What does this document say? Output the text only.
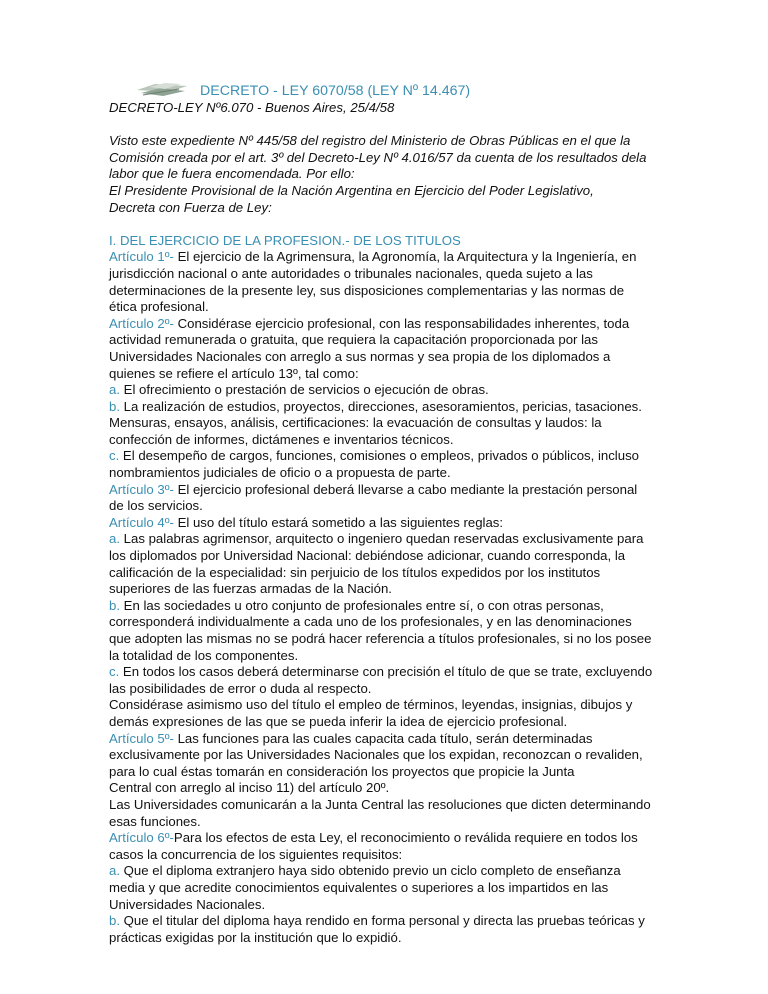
DECRETO - LEY 6070/58 (LEY Nº 14.467)

DECRETO-LEY Nº6.070 - Buenos Aires, 25/4/58

Visto este expediente Nº 445/58 del registro del Ministerio de Obras Públicas en el que la Comisión creada por el art. 3º del Decreto-Ley Nº 4.016/57 da cuenta de los resultados dela labor que le fuera encomendada. Por ello:

El Presidente Provisional de la Nación Argentina en Ejercicio del Poder Legislativo,

Decreta con Fuerza de Ley:

I. DEL EJERCICIO DE LA PROFESION.- DE LOS TITULOS

Artículo 1º- El ejercicio de la Agrimensura, la Agronomía, la Arquitectura y la Ingeniería, en jurisdicción nacional o ante autoridades o tribunales nacionales, queda sujeto a las determinaciones de la presente ley, sus disposiciones complementarias y las normas de ética profesional.

Artículo 2º- Considérase ejercicio profesional, con las responsabilidades inherentes, toda actividad remunerada o gratuita, que requiera la capacitación proporcionada por las Universidades Nacionales con arreglo a sus normas y sea propia de los diplomados a quienes se refiere el artículo 13º, tal como:

a. El ofrecimiento o prestación de servicios o ejecución de obras.

b. La realización de estudios, proyectos, direcciones, asesoramientos, pericias, tasaciones. Mensuras, ensayos, análisis, certificaciones: la evacuación de consultas y laudos: la confección de informes, dictámenes e inventarios técnicos.

c. El desempeño de cargos, funciones, comisiones o empleos, privados o públicos, incluso nombramientos judiciales de oficio o a propuesta de parte.

Artículo 3º- El ejercicio profesional deberá llevarse a cabo mediante la prestación personal de los servicios.

Artículo 4º- El uso del título estará sometido a las siguientes reglas:

a. Las palabras agrimensor, arquitecto o ingeniero quedan reservadas exclusivamente para los diplomados por Universidad Nacional: debiéndose adicionar, cuando corresponda, la calificación de la especialidad: sin perjuicio de los títulos expedidos por los institutos superiores de las fuerzas armadas de la Nación.

b. En las sociedades u otro conjunto de profesionales entre sí, o con otras personas, corresponderá individualmente a cada uno de los profesionales, y en las denominaciones que adopten las mismas no se podrá hacer referencia a títulos profesionales, si no los posee la totalidad de los componentes.

c. En todos los casos deberá determinarse con precisión el título de que se trate, excluyendo las posibilidades de error o duda al respecto.

Considérase asimismo uso del título el empleo de términos, leyendas, insignias, dibujos y demás expresiones de las que se pueda inferir la idea de ejercicio profesional.

Artículo 5º- Las funciones para las cuales capacita cada título, serán determinadas exclusivamente por las Universidades Nacionales que los expidan, reconozcan o revaliden, para lo cual éstas tomarán en consideración los proyectos que propicie la Junta

Central con arreglo al inciso 11) del artículo 20º.

Las Universidades comunicarán a la Junta Central las resoluciones que dicten determinando esas funciones.

Artículo 6º-Para los efectos de esta Ley, el reconocimiento o reválida requiere en todos los casos la concurrencia de los siguientes requisitos:

a. Que el diploma extranjero haya sido obtenido previo un ciclo completo de enseñanza media y que acredite conocimientos equivalentes o superiores a los impartidos en las Universidades Nacionales.

b. Que el titular del diploma haya rendido en forma personal y directa las pruebas teóricas y prácticas exigidas por la institución que lo expidió.
